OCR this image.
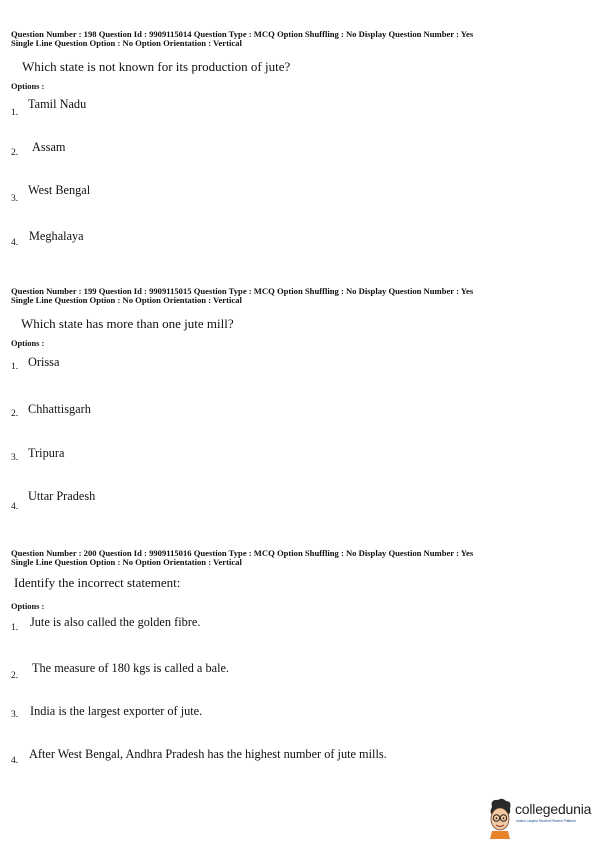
Question Number : 198 Question Id : 9909115014 Question Type : MCQ Option Shuffling : No Display Question Number : Yes
Single Line Question Option : No Option Orientation : Vertical
Which state is not known for its production of jute?
Options :
1.
Tamil Nadu
2. Assam
3.
West Bengal
4. Meghalaya
Question Number : 199 Question Id : 9909115015 Question Type : MCQ Option Shuffling : No Display Question Number : Yes
Single Line Question Option : No Option Orientation : Vertical
Which state has more than one jute mill?
Options :
1. Orissa
2. Chhattisgarh
3. Tripura
4.
Uttar Pradesh
Question Number : 200 Question Id : 9909115016 Question Type : MCQ Option Shuffling : No Display Question Number : Yes
Single Line Question Option : No Option Orientation : Vertical
Identify the incorrect statement:
Options :
1. Jute is also called the golden fibre.
2.
The measure of 180 kgs is called a bale.
3. India is the largest exporter of jute.
4. After West Bengal, Andhra Pradesh has the highest number of jute mills.
collegedunia
India's Largest Student Review Platform
